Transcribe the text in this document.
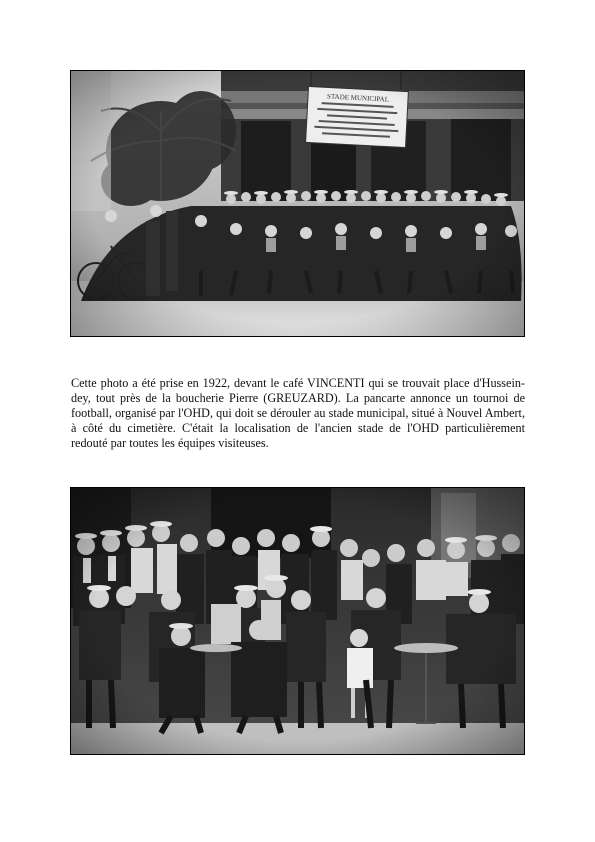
Cette photo a été prise en 1922, devant le café VINCENTI qui se trouvait place d'Hussein-dey, tout près de la boucherie Pierre (GREUZARD). La pancarte annonce un tournoi de football, organisé par l'OHD, qui doit se dérouler au stade municipal, situé à Nouvel Ambert, à côté du cimetière. C'était la localisation de l'ancien stade de l'OHD particulièrement redouté par toutes les équipes visiteuses.
